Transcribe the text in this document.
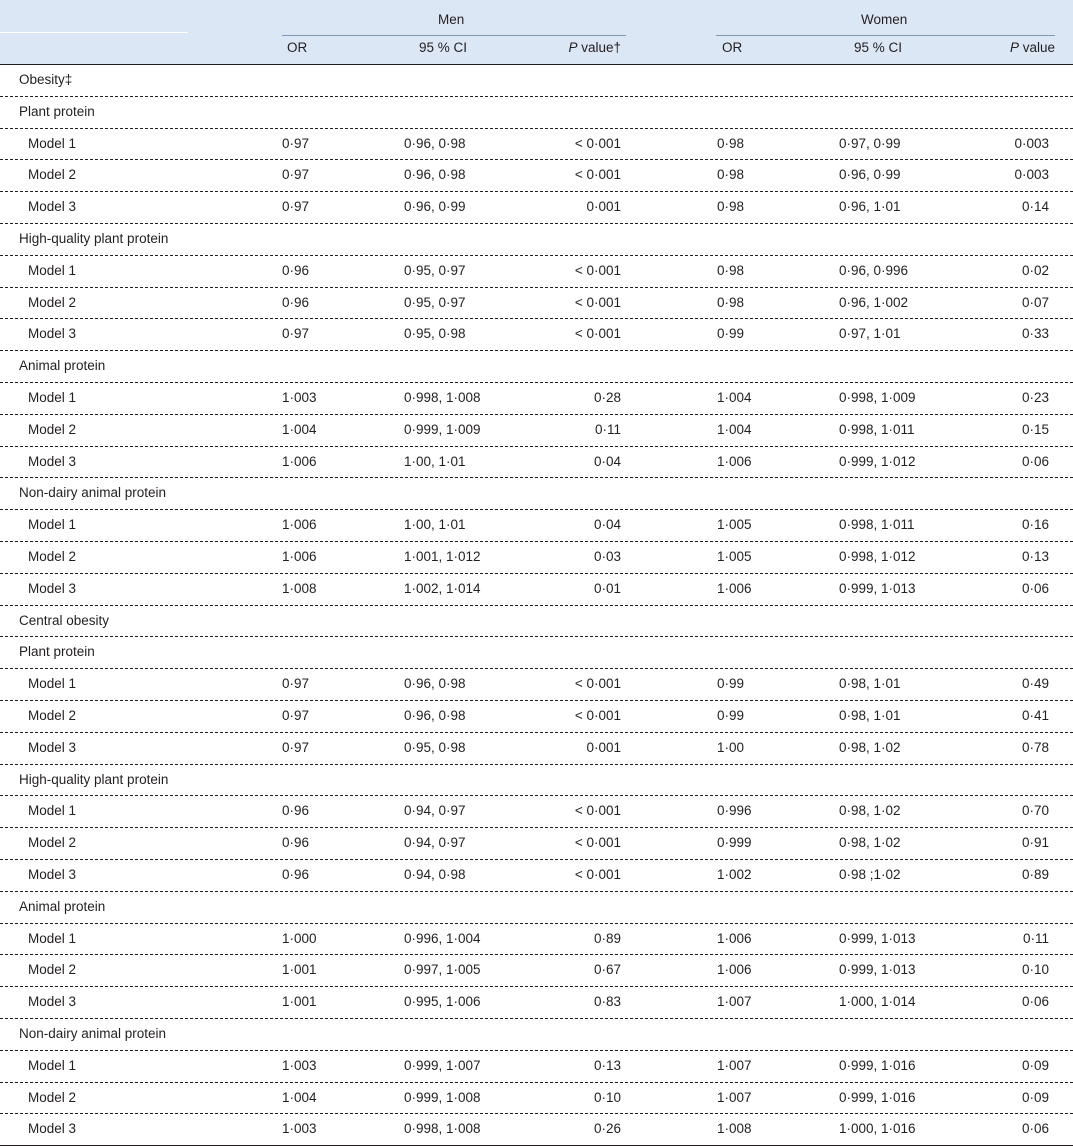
Men	Women
OR	95 % CI	P value†	OR	95 % CI	P value
Obesity‡
Plant protein
Model 1	0·97	0·96, 0·98	< 0·001	0·98	0·97, 0·99	0·003
Model 2	0·97	0·96, 0·98	< 0·001	0·98	0·96, 0·99	0·003
Model 3	0·97	0·96, 0·99	0·001	0·98	0·96, 1·01	0·14
High-quality plant protein
Model 1	0·96	0·95, 0·97	< 0·001	0·98	0·96, 0·996	0·02
Model 2	0·96	0·95, 0·97	< 0·001	0·98	0·96, 1·002	0·07
Model 3	0·97	0·95, 0·98	< 0·001	0·99	0·97, 1·01	0·33
Animal protein
Model 1	1·003	0·998, 1·008	0·28	1·004	0·998, 1·009	0·23
Model 2	1·004	0·999, 1·009	0·11	1·004	0·998, 1·011	0·15
Model 3	1·006	1·00, 1·01	0·04	1·006	0·999, 1·012	0·06
Non-dairy animal protein
Model 1	1·006	1·00, 1·01	0·04	1·005	0·998, 1·011	0·16
Model 2	1·006	1·001, 1·012	0·03	1·005	0·998, 1·012	0·13
Model 3	1·008	1·002, 1·014	0·01	1·006	0·999, 1·013	0·06
Central obesity
Plant protein
Model 1	0·97	0·96, 0·98	< 0·001	0·99	0·98, 1·01	0·49
Model 2	0·97	0·96, 0·98	< 0·001	0·99	0·98, 1·01	0·41
Model 3	0·97	0·95, 0·98	0·001	1·00	0·98, 1·02	0·78
High-quality plant protein
Model 1	0·96	0·94, 0·97	< 0·001	0·996	0·98, 1·02	0·70
Model 2	0·96	0·94, 0·97	< 0·001	0·999	0·98, 1·02	0·91
Model 3	0·96	0·94, 0·98	< 0·001	1·002	0·98 ;1·02	0·89
Animal protein
Model 1	1·000	0·996, 1·004	0·89	1·006	0·999, 1·013	0·11
Model 2	1·001	0·997, 1·005	0·67	1·006	0·999, 1·013	0·10
Model 3	1·001	0·995, 1·006	0·83	1·007	1·000, 1·014	0·06
Non-dairy animal protein
Model 1	1·003	0·999, 1·007	0·13	1·007	0·999, 1·016	0·09
Model 2	1·004	0·999, 1·008	0·10	1·007	0·999, 1·016	0·09
Model 3	1·003	0·998, 1·008	0·26	1·008	1·000, 1·016	0·06
